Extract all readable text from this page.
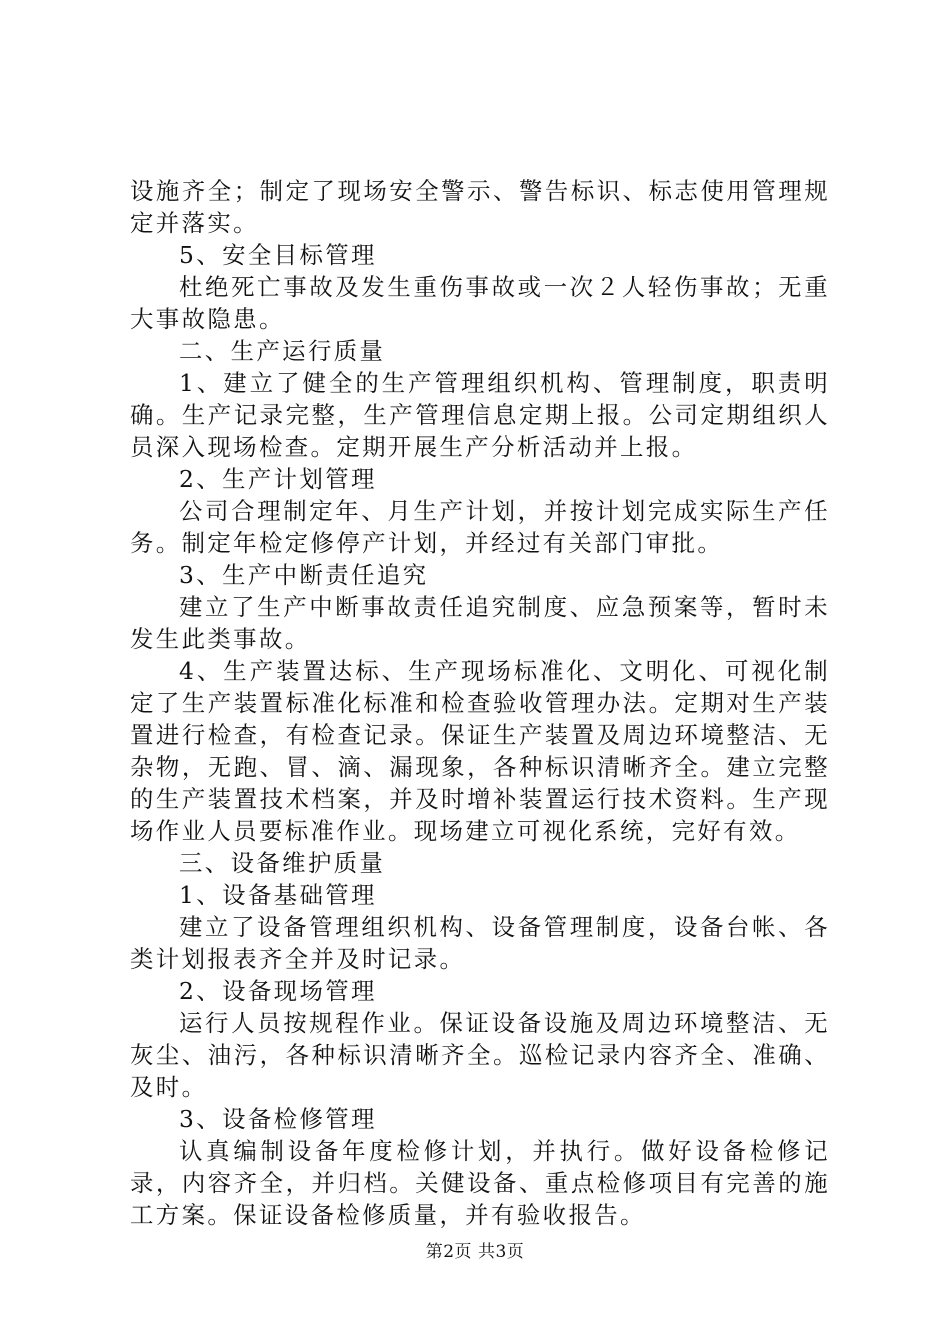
设施齐全；制定了现场安全警示、警告标识、标志使用管理规定并落实。

5、安全目标管理

杜绝死亡事故及发生重伤事故或一次２人轻伤事故；无重大事故隐患。

二、生产运行质量

1、建立了健全的生产管理组织机构、管理制度，职责明确。生产记录完整，生产管理信息定期上报。公司定期组织人员深入现场检查。定期开展生产分析活动并上报。

2、生产计划管理

公司合理制定年、月生产计划，并按计划完成实际生产任务。制定年检定修停产计划，并经过有关部门审批。

3、生产中断责任追究

建立了生产中断事故责任追究制度、应急预案等，暂时未发生此类事故。

4、生产装置达标、生产现场标准化、文明化、可视化制定了生产装置标准化标准和检查验收管理办法。定期对生产装置进行检查，有检查记录。保证生产装置及周边环境整洁、无杂物，无跑、冒、滴、漏现象，各种标识清晰齐全。建立完整的生产装置技术档案，并及时增补装置运行技术资料。生产现场作业人员要标准作业。现场建立可视化系统，完好有效。

三、设备维护质量

1、设备基础管理

建立了设备管理组织机构、设备管理制度，设备台帐、各类计划报表齐全并及时记录。

2、设备现场管理

运行人员按规程作业。保证设备设施及周边环境整洁、无灰尘、油污，各种标识清晰齐全。巡检记录内容齐全、准确、及时。

3、设备检修管理

认真编制设备年度检修计划，并执行。做好设备检修记录，内容齐全，并归档。关健设备、重点检修项目有完善的施工方案。保证设备检修质量，并有验收报告。

第2页 共3页
